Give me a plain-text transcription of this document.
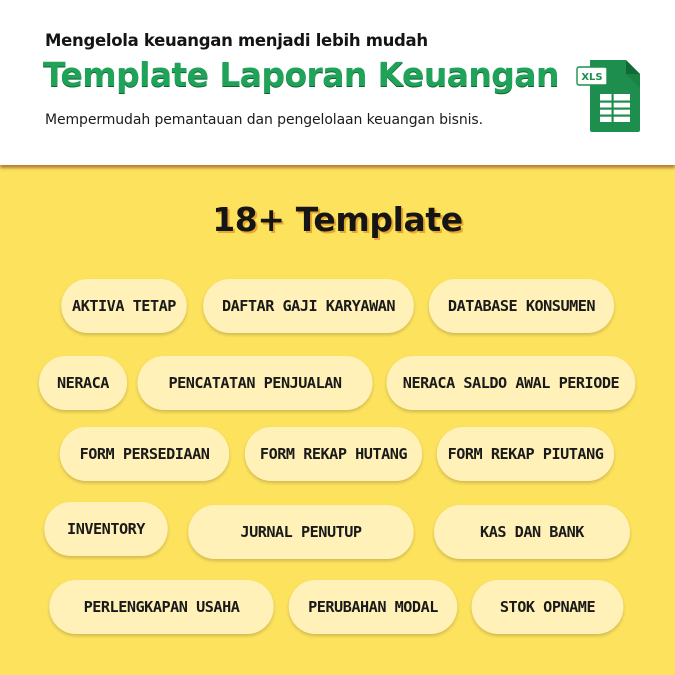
Mengelola keuangan menjadi lebih mudah
Template Laporan Keuangan
Mempermudah pemantauan dan pengelolaan keuangan bisnis.
XLS
18+ Template
AKTIVA TETAP	DAFTAR GAJI KARYAWAN	DATABASE KONSUMEN
NERACA	PENCATATAN PENJUALAN	NERACA SALDO AWAL PERIODE
FORM PERSEDIAAN	FORM REKAP HUTANG	FORM REKAP PIUTANG
INVENTORY	JURNAL PENUTUP	KAS DAN BANK
PERLENGKAPAN USAHA	PERUBAHAN MODAL	STOK OPNAME
